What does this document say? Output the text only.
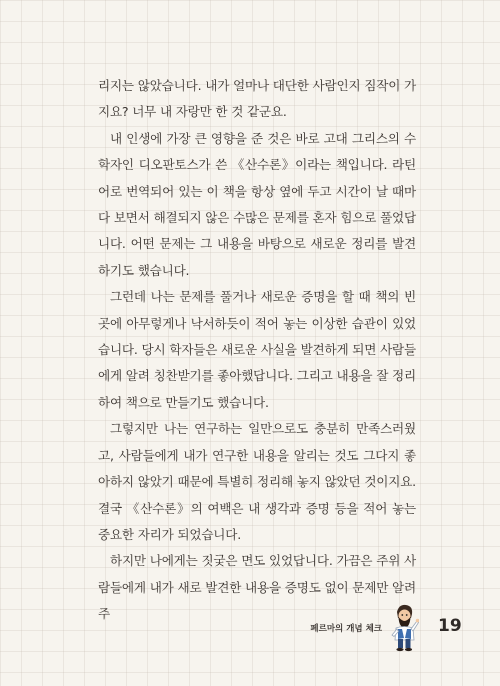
리지는 않았습니다. 내가 얼마나 대단한 사람인지 짐작이 가지요? 너무 내 자랑만 한 것 같군요.

내 인생에 가장 큰 영향을 준 것은 바로 고대 그리스의 수학자인 디오판토스가 쓴 《산수론》이라는 책입니다. 라틴어로 번역되어 있는 이 책을 항상 옆에 두고 시간이 날 때마다 보면서 해결되지 않은 수많은 문제를 혼자 힘으로 풀었답니다. 어떤 문제는 그 내용을 바탕으로 새로운 정리를 발견하기도 했습니다.

그런데 나는 문제를 풀거나 새로운 증명을 할 때 책의 빈 곳에 아무렇게나 낙서하듯이 적어 놓는 이상한 습관이 있었습니다. 당시 학자들은 새로운 사실을 발견하게 되면 사람들에게 알려 칭찬받기를 좋아했답니다. 그리고 내용을 잘 정리하여 책으로 만들기도 했습니다.

그렇지만 나는 연구하는 일만으로도 충분히 만족스러웠고, 사람들에게 내가 연구한 내용을 알리는 것도 그다지 좋아하지 않았기 때문에 특별히 정리해 놓지 않았던 것이지요. 결국 《산수론》의 여백은 내 생각과 증명 등을 적어 놓는 중요한 자리가 되었습니다.

하지만 나에게는 짓궂은 면도 있었답니다. 가끔은 주위 사람들에게 내가 새로 발견한 내용을 증명도 없이 문제만 알려 주

페르마의 개념 체크	19
